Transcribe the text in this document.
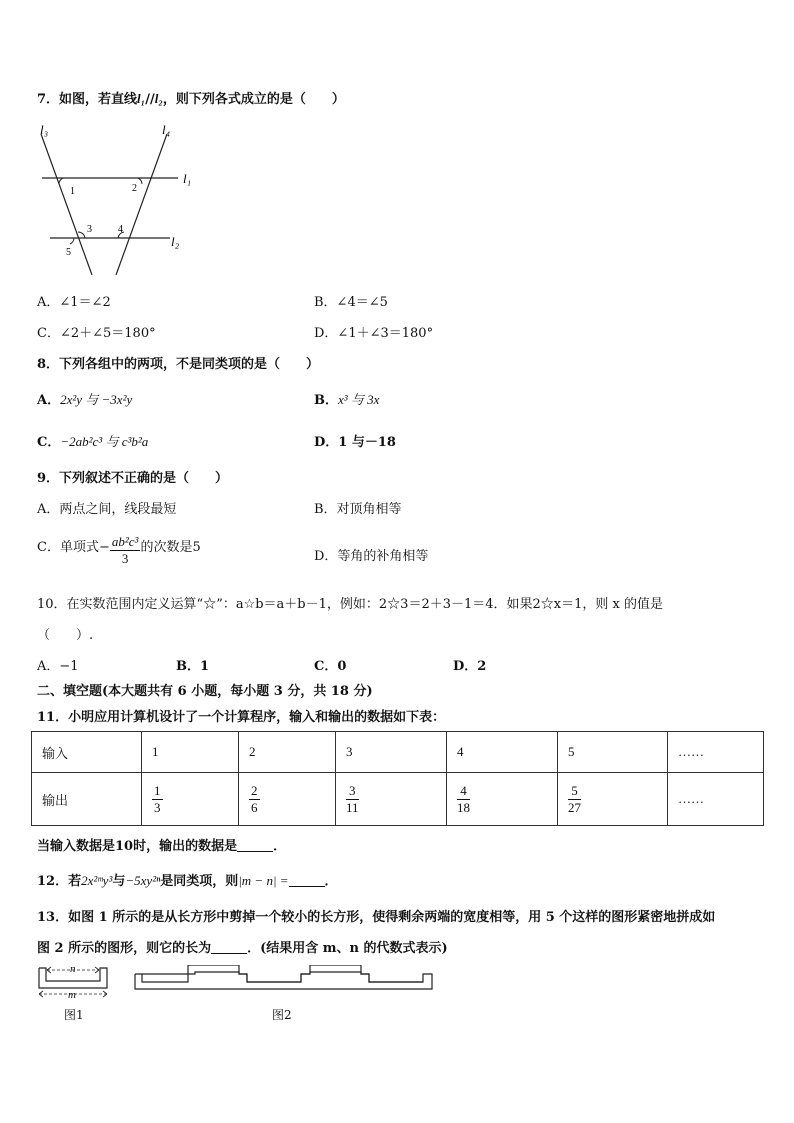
7．如图，若直线l₁//l₂，则下列各式成立的是（　　）
l₃	l₄
l₁
l₂
1	2
3	4
5
A．∠1＝∠2	B．∠4＝∠5
C．∠2＋∠5＝180°	D．∠1＋∠3＝180°
8．下列各组中的两项，不是同类项的是（　　）
A．2x²y 与 −3x²y	B．x³ 与 3x
C．−2ab²c³ 与 c³b²a	D．1 与－18
9．下列叙述不正确的是（　　）
A．两点之间，线段最短	B．对顶角相等
C．单项式− $\frac{\text{ab²c³}}{3}$ 的次数是5
D．等角的补角相等
10．在实数范围内定义运算“☆”：a☆b＝a＋b－1，例如：2☆3＝2＋3－1＝4．如果2☆x＝1，则 x 的值是
（　　）.
A．−1	B．1	C．0	D．2
二、填空题(本大题共有 6 小题，每小题 3 分，共 18 分)
11．小明应用计算机设计了一个计算程序，输入和输出的数据如下表：
输入	1	2	3	4	5	……
输出	$\frac{1}{3}$	$\frac{2}{6}$	$\frac{3}{11}$	$\frac{4}{18}$	$\frac{5}{27}$	……
当输入数据是10时，输出的数据是	．
12．若2x²ᵐy³与−5xy²ⁿ是同类项，则|m − n| =	．
13．如图 1 所示的是从长方形中剪掉一个较小的长方形，使得剩余两端的宽度相等，用 5 个这样的图形紧密地拼成如
图 2 所示的图形，则它的长为	．(结果用含 m、n 的代数式表示)
n
m
图1	图2
